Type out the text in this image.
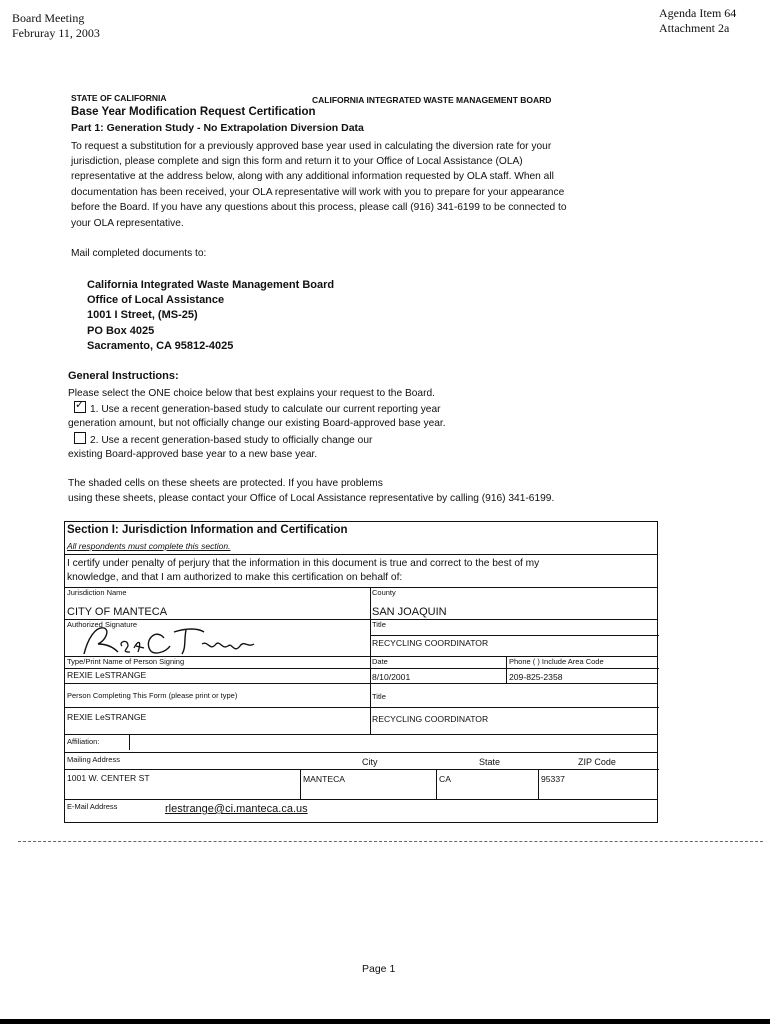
Board Meeting
Februray 11, 2003
Agenda Item 64
Attachment 2a
STATE OF CALIFORNIA	CALIFORNIA INTEGRATED WASTE MANAGEMENT BOARD
Base Year Modification Request Certification
Part 1: Generation Study - No Extrapolation Diversion Data
To request a substitution for a previously approved base year used in calculating the diversion rate for your
jurisdiction, please complete and sign this form and return it to your Office of Local Assistance (OLA)
representative at the address below, along with any additional information requested by OLA staff. When all
documentation has been received, your OLA representative will work with you to prepare for your appearance
before the Board. If you have any questions about this process, please call (916) 341-6199 to be connected to
your OLA representative.
Mail completed documents to:
California Integrated Waste Management Board
Office of Local Assistance
1001 I Street, (MS-25)
PO Box 4025
Sacramento, CA 95812-4025
General Instructions:
Please select the ONE choice below that best explains your request to the Board.
✓ 1. Use a recent generation-based study to calculate our current reporting year
generation amount, but not officially change our existing Board-approved base year.
2. Use a recent generation-based study to officially change our
existing Board-approved base year to a new base year.
The shaded cells on these sheets are protected. If you have problems
using these sheets, please contact your Office of Local Assistance representative by calling (916) 341-6199.
Section I: Jurisdiction Information and Certification
All respondents must complete this section.
I certify under penalty of perjury that the information in this document is true and correct to the best of my
knowledge, and that I am authorized to make this certification on behalf of:
Jurisdiction Name
CITY OF MANTECA
County
SAN JOAQUIN
Authorized Signature	Title
RECYCLING COORDINATOR
Type/Print Name of Person Signing
REXIE LeSTRANGE
Date
8/10/2001
Phone ( ) Include Area Code
209-825-2358
Person Completing This Form (please print or type)
REXIE LeSTRANGE
Title
RECYCLING COORDINATOR
Affiliation:
Mailing Address	City	State	ZIP Code
1001 W. CENTER ST	MANTECA	CA	95337
E-Mail Address	rlestrange@ci.manteca.ca.us
Page 1
